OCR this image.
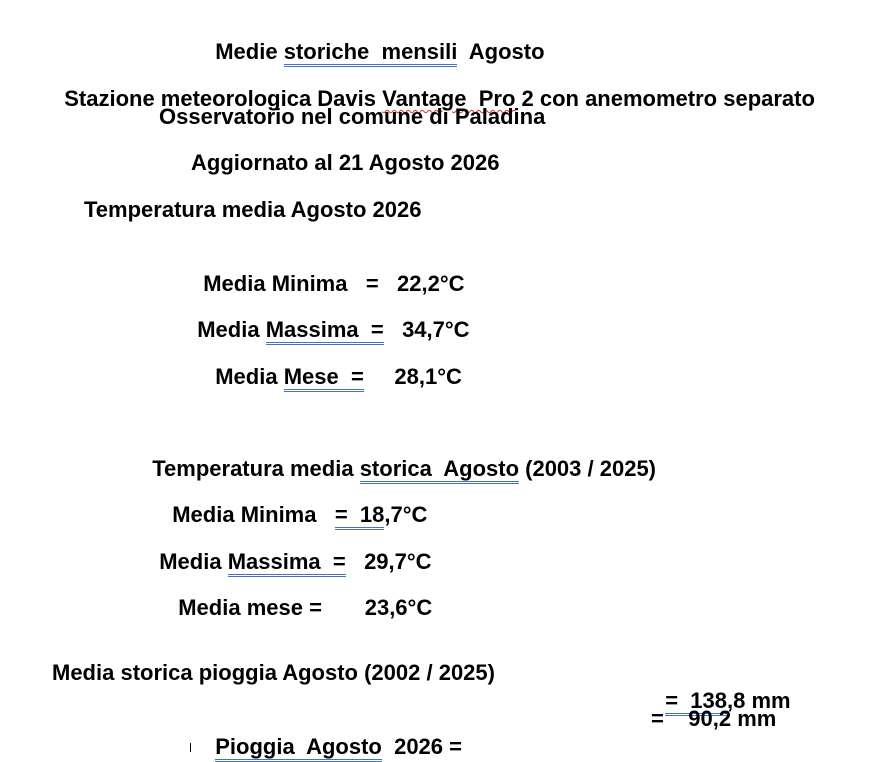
Medie storiche  mensili  Agosto

Stazione meteorologica Davis Vantage  Pro 2 con anemometro separato

Osservatorio nel comune di Paladina
Aggiornato al 21 Agosto 2026
Temperatura media Agosto 2026

Media Minima   =   22,2°C

Media Massima  = 34,7°C

Media Mese  = 28,1°C

Temperatura media storica  Agosto (2003 / 2025)

Media Minima   =  18,7°C

Media Massima  = 29,7°C

Media mese =       23,6°C

Media storica pioggia Agosto (2002 / 2025)

=  138,8 mm

Pioggia  Agosto  2026 =

=    90,2 mm
